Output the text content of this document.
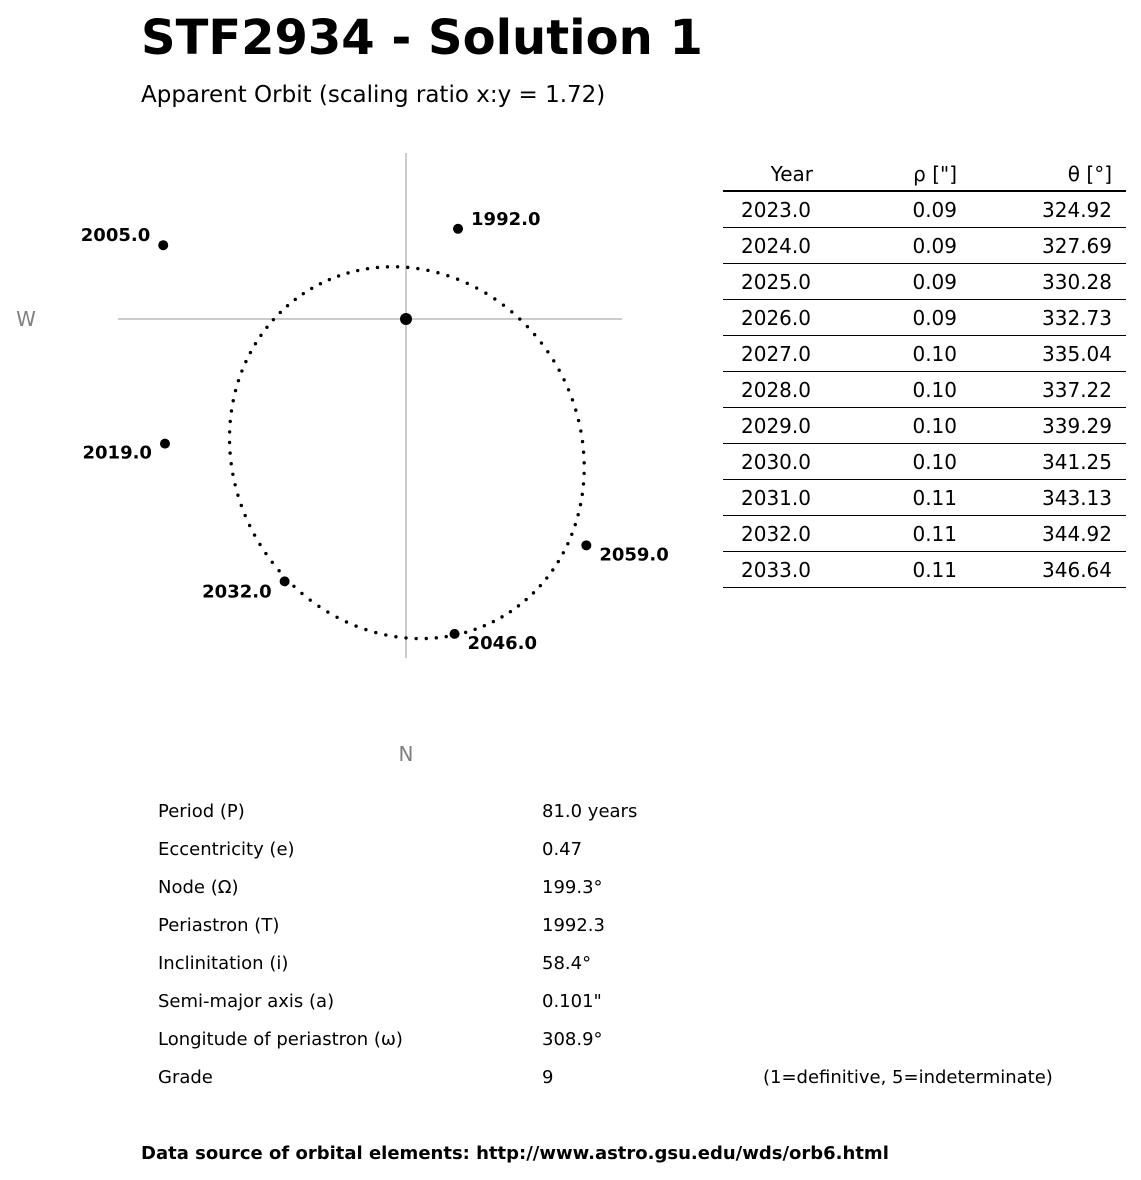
STF2934 - Solution 1
Apparent Orbit (scaling ratio x:y = 1.72)
1992.0
2005.0
2019.0
2032.0
2046.0
2059.0
W
N
Year	ρ ["]	θ [°]
2023.0	0.09	324.92
2024.0	0.09	327.69
2025.0	0.09	330.28
2026.0	0.09	332.73
2027.0	0.10	335.04
2028.0	0.10	337.22
2029.0	0.10	339.29
2030.0	0.10	341.25
2031.0	0.11	343.13
2032.0	0.11	344.92
2033.0	0.11	346.64
Period (P)	81.0 years
Eccentricity (e)	0.47
Node (Ω)	199.3°
Periastron (T)	1992.3
Inclinitation (i)	58.4°
Semi-major axis (a)	0.101"
Longitude of periastron (ω)	308.9°
Grade	9	(1=definitive, 5=indeterminate)
Data source of orbital elements: http://www.astro.gsu.edu/wds/orb6.html
